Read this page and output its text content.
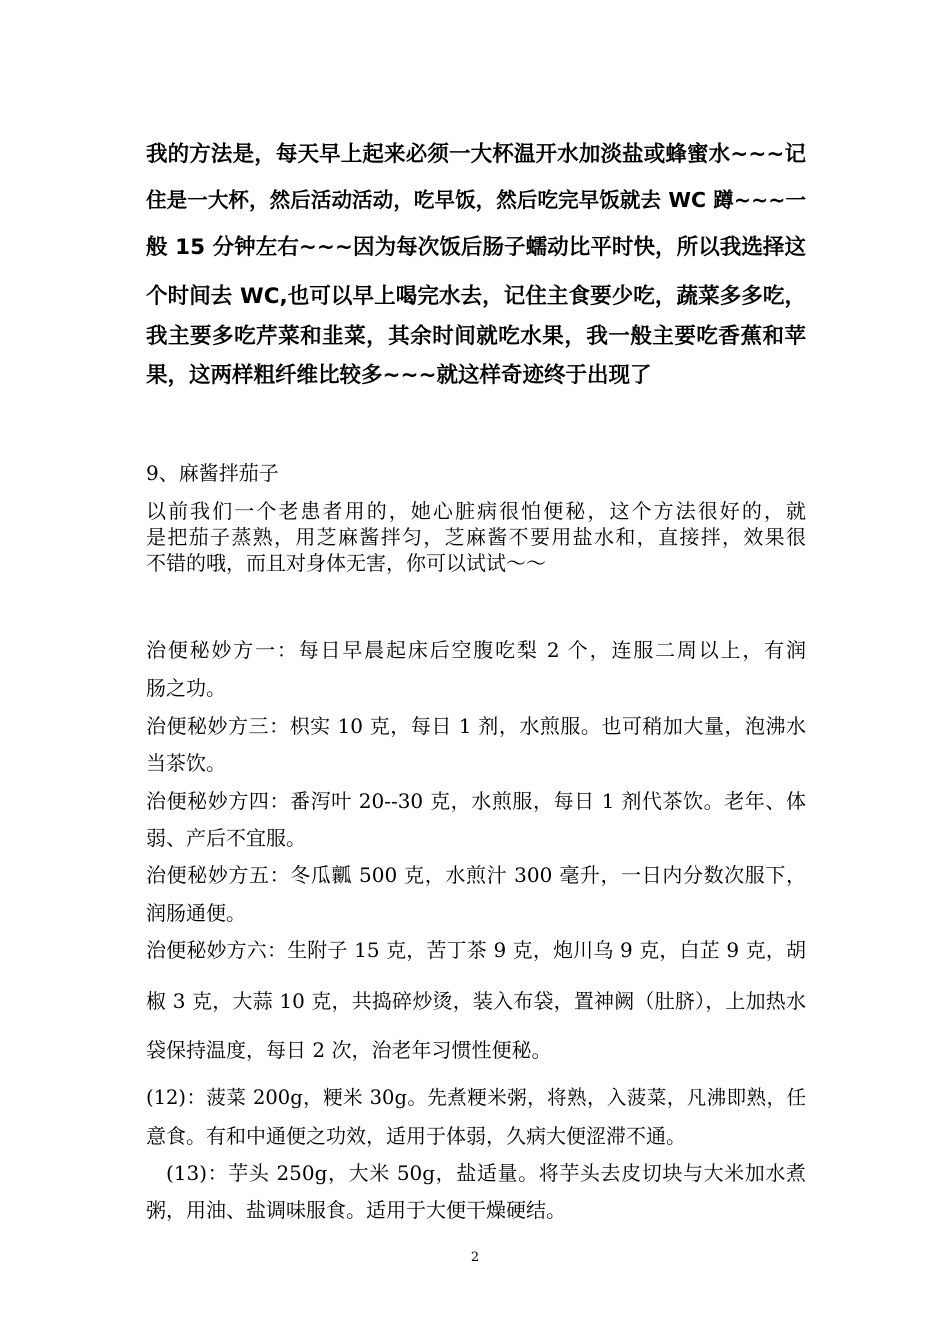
我的方法是，每天早上起来必须一大杯温开水加淡盐或蜂蜜水~~~记

住是一大杯，然后活动活动，吃早饭，然后吃完早饭就去 WC 蹲~~~一

般 15 分钟左右~~~因为每次饭后肠子蠕动比平时快，所以我选择这

个时间去 WC,也可以早上喝完水去，记住主食要少吃，蔬菜多多吃，

我主要多吃芹菜和韭菜，其余时间就吃水果，我一般主要吃香蕉和苹

果，这两样粗纤维比较多~~~就这样奇迹终于出现了

9、麻酱拌茄子

以前我们一个老患者用的，她心脏病很怕便秘，这个方法很好的，就

是把茄子蒸熟，用芝麻酱拌匀，芝麻酱不要用盐水和，直接拌，效果很

不错的哦，而且对身体无害，你可以试试～～

治便秘妙方一：每日早晨起床后空腹吃梨 2 个，连服二周以上，有润

肠之功。

治便秘妙方三：枳实 10 克，每日 1 剂，水煎服。也可稍加大量，泡沸水

当茶饮。

治便秘妙方四：番泻叶 20--30 克，水煎服，每日 1 剂代茶饮。老年、体

弱、产后不宜服。

治便秘妙方五：冬瓜瓤 500 克，水煎汁 300 毫升，一日内分数次服下，

润肠通便。

治便秘妙方六：生附子 15 克，苦丁茶 9 克，炮川乌 9 克，白芷 9 克，胡

椒 3 克，大蒜 10 克，共捣碎炒烫，装入布袋，置神阙（肚脐），上加热水

袋保持温度，每日 2 次，治老年习惯性便秘。

(12)：菠菜 200g，粳米 30g。先煮粳米粥，将熟，入菠菜，凡沸即熟，任

意食。有和中通便之功效，适用于体弱，久病大便涩滞不通。

(13)：芋头 250g，大米 50g，盐适量。将芋头去皮切块与大米加水煮

粥，用油、盐调味服食。适用于大便干燥硬结。

2
